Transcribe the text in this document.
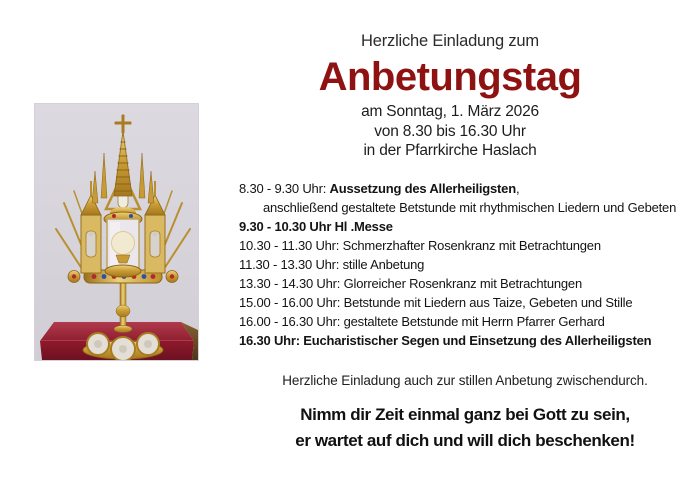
Herzliche Einladung zum
Anbetungstag
am Sonntag, 1. März 2026
von 8.30 bis 16.30 Uhr
in der Pfarrkirche Haslach
8.30 - 9.30 Uhr: Aussetzung des Allerheiligsten,
anschließend gestaltete Betstunde mit rhythmischen Liedern und Gebeten
9.30 - 10.30 Uhr Hl .Messe
10.30 - 11.30 Uhr: Schmerzhafter Rosenkranz mit Betrachtungen
11.30 - 13.30 Uhr: stille Anbetung
13.30 - 14.30 Uhr: Glorreicher Rosenkranz mit Betrachtungen
15.00 - 16.00 Uhr: Betstunde mit Liedern aus Taize, Gebeten und Stille
16.00 - 16.30 Uhr: gestaltete Betstunde mit Herrn Pfarrer Gerhard
16.30 Uhr: Eucharistischer Segen und Einsetzung des Allerheiligsten
Herzliche Einladung auch zur stillen Anbetung zwischendurch.
Nimm dir Zeit einmal ganz bei Gott zu sein,
er wartet auf dich und will dich beschenken!
